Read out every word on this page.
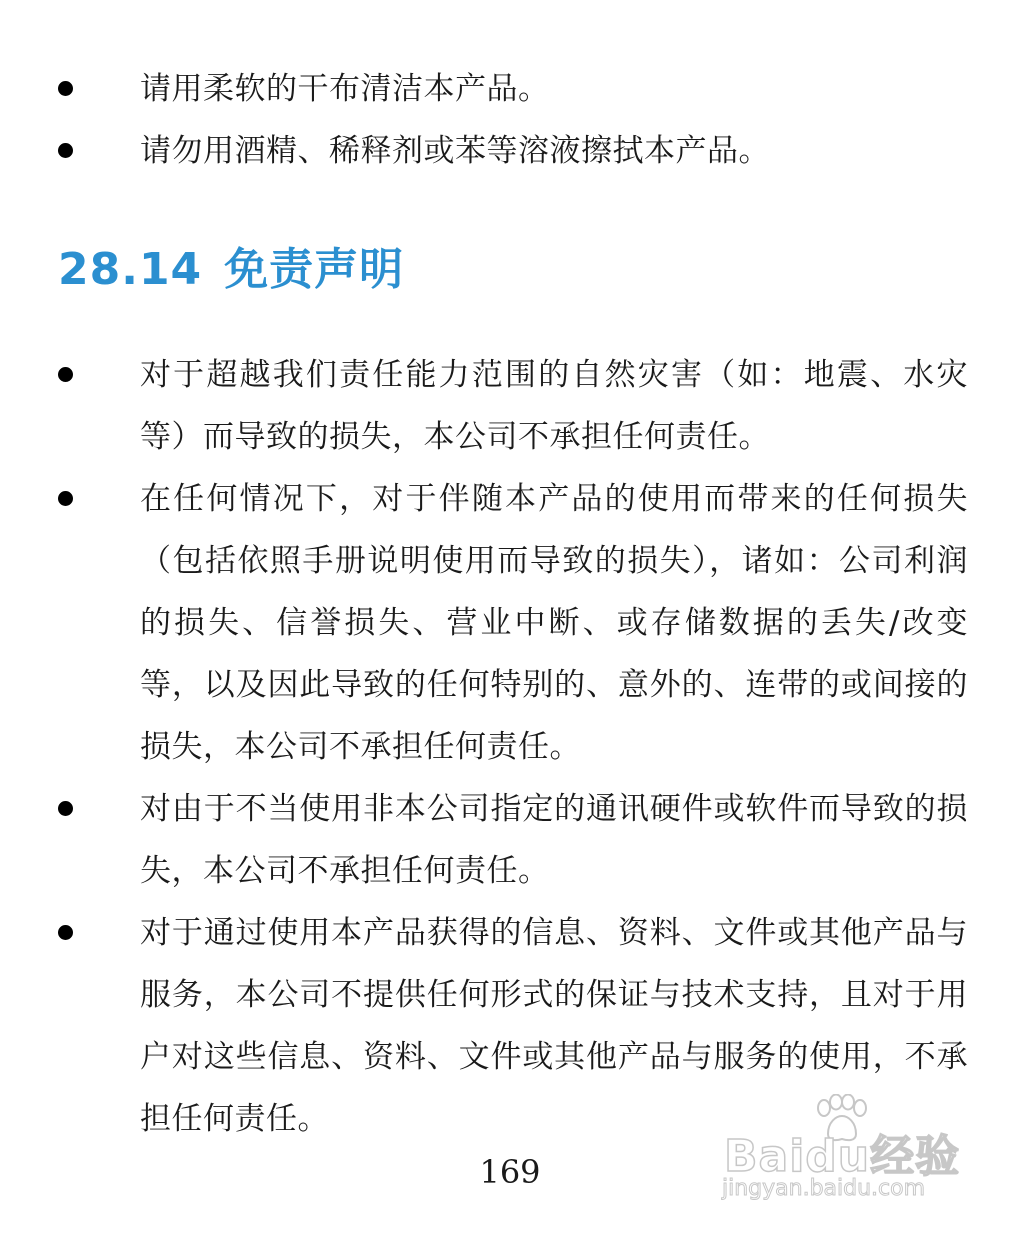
请用柔软的干布清洁本产品。
请勿用酒精、稀释剂或苯等溶液擦拭本产品。
28.14 免责声明
对于超越我们责任能力范围的自然灾害（如：地震、水灾等）而导致的损失，本公司不承担任何责任。
在任何情况下，对于伴随本产品的使用而带来的任何损失（包括依照手册说明使用而导致的损失），诸如：公司利润的损失、信誉损失、营业中断、或存储数据的丢失/改变等，以及因此导致的任何特别的、意外的、连带的或间接的损失，本公司不承担任何责任。
对由于不当使用非本公司指定的通讯硬件或软件而导致的损失，本公司不承担任何责任。
对于通过使用本产品获得的信息、资料、文件或其他产品与服务，本公司不提供任何形式的保证与技术支持，且对于用户对这些信息、资料、文件或其他产品与服务的使用，不承担任何责任。
169	Baidu经验
jingyan.baidu.com
